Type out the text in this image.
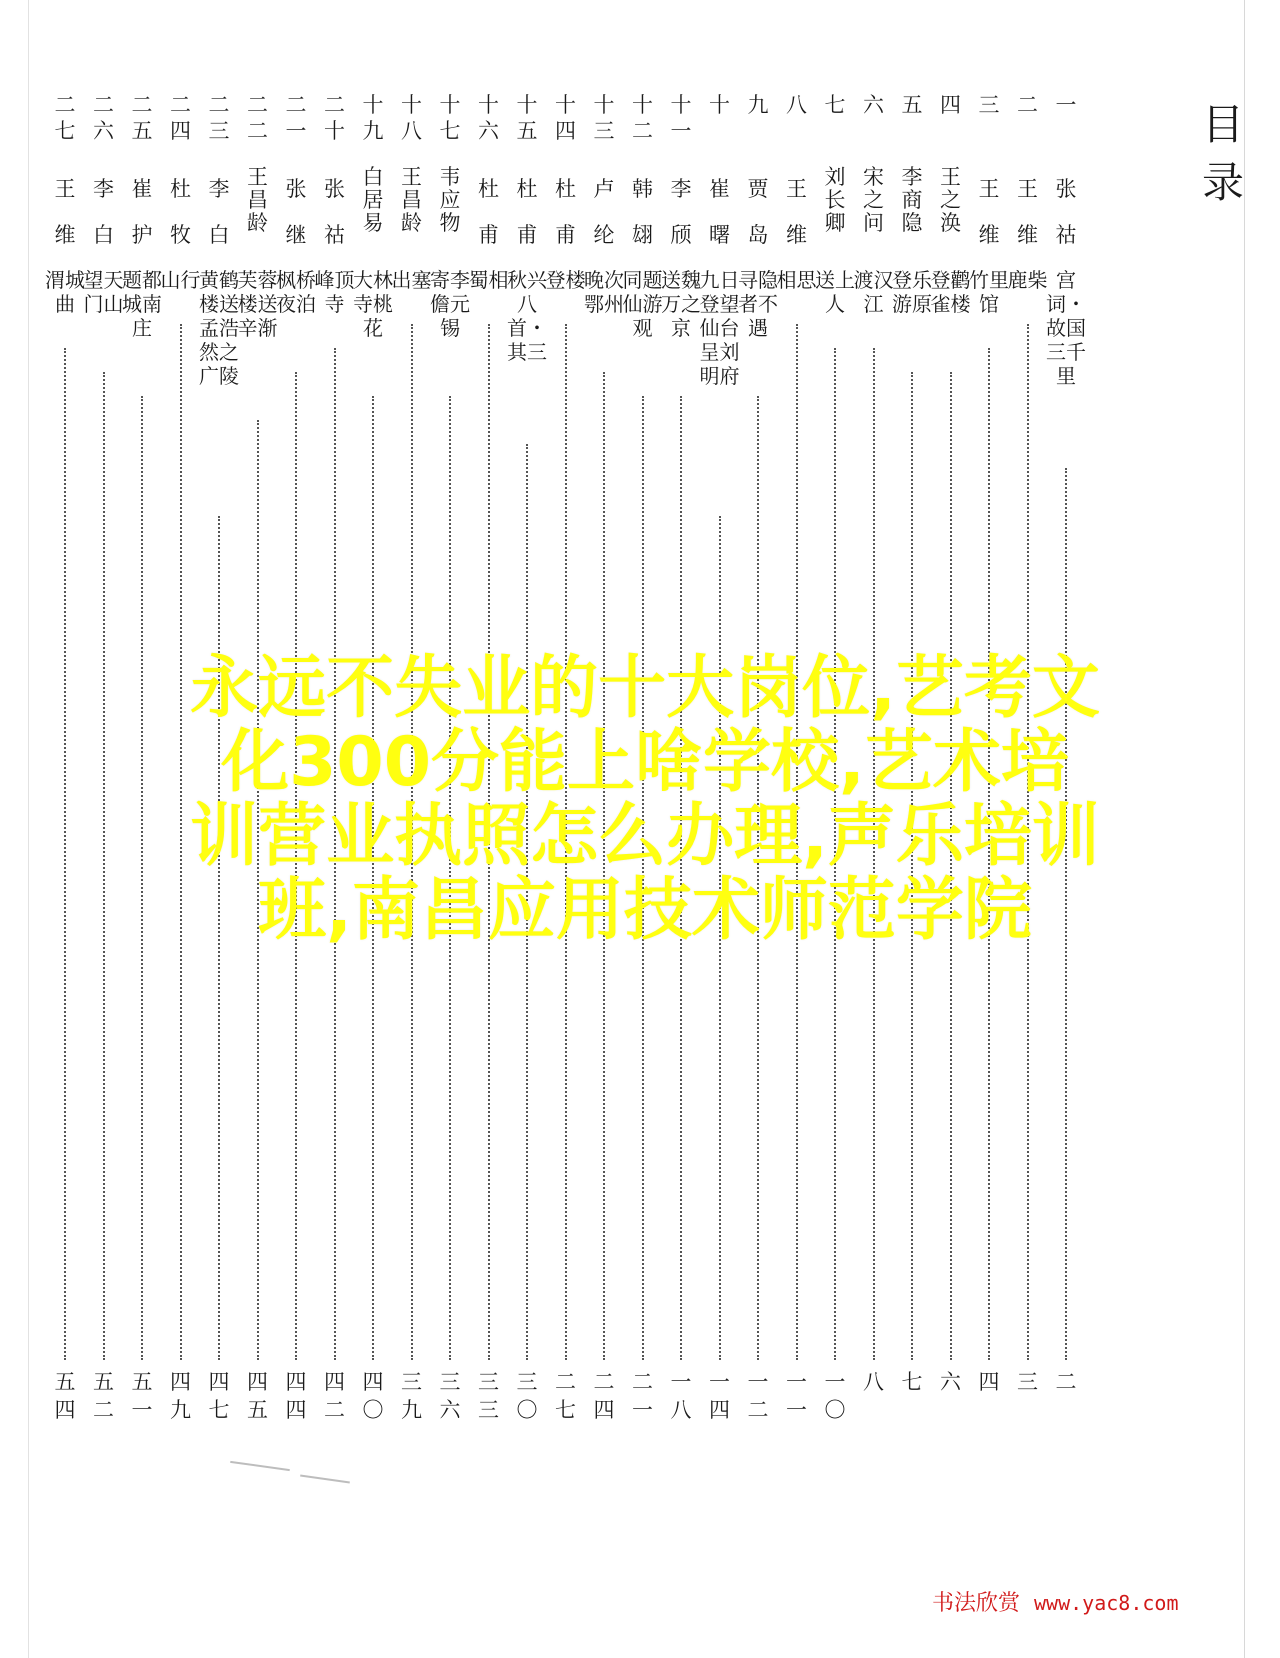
目录
一
张祜
宫词・故国三千里
二
二
王维
鹿柴
三
三
王维
竹里馆
四
四
王之涣
登鹳雀楼
六
五
李商隐
登乐游原
七
六
宋之问
渡汉江
八
七
刘长卿
送上人
一〇
八
王维
相思
一一
九
贾岛
寻隐者不遇
一二
十
崔曙
九日登望仙台呈刘明府
一四
十一
李颀
送魏万之京
一八
十二
韩翃
同题仙游观
二一
十三
卢纶
晚次鄂州
二四
十四
杜甫
登楼
二七
十五
杜甫
秋兴八首・其三
三〇
十六
杜甫
蜀相
三三
十七
韦应物
寄李儋元锡
三六
十八
王昌龄
出塞
三九
十九
白居易
大林寺桃花
四〇
二十
张祜
峰顶寺
四二
二一
张继
枫桥夜泊
四四
二二
王昌龄
芙蓉楼送辛渐
四五
二三
李白
黄鹤楼送孟浩然之广陵
四七
二四
杜牧
山行
四九
二五
崔护
题都城南庄
五一
二六
李白
望天门山
五二
二七
王维
渭城曲
五四
永远不失业的十大岗位,艺考文
化300分能上啥学校,艺术培
训营业执照怎么办理,声乐培训
班,南昌应用技术师范学院
书法欣赏 www.yac8.com
